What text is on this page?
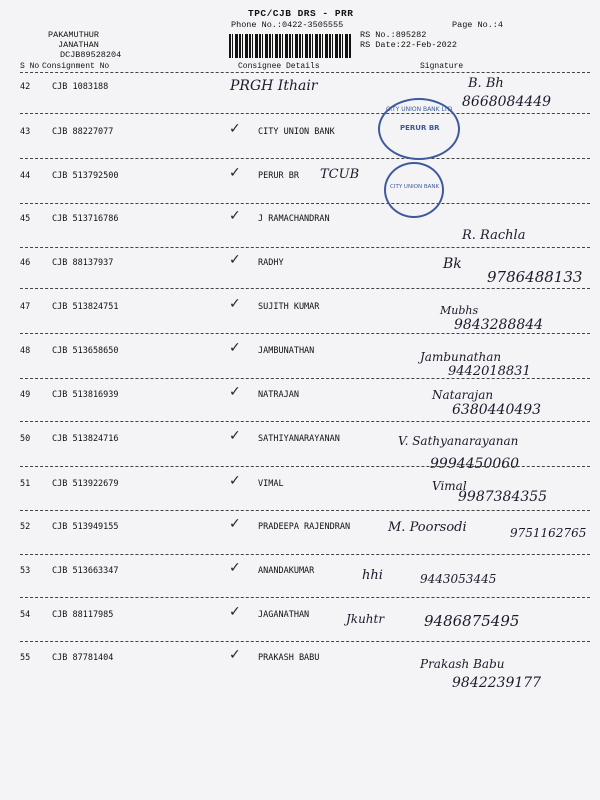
TPC/CJB DRS - PRR
Phone No.:0422-3505555	Page No.:4
RS No.:895282
RS Date:22-Feb-2022
PAKAMUTHUR
JANATHAN
DCJB89528204
S No Consignment No	Consignee Details	Signature
42	CJB 1083188	PRGH Ithair	B. Bh
8668084449
43	CJB 88227077	✓ CITY UNION BANK
44	CJB 513792500	✓ PERUR BR TCUB
45	CJB 513716786	✓ J RAMACHANDRAN
R. Rachla
46	CJB 88137937	✓ RADHY	Bk
9786488133
47	CJB 513824751	✓ SUJITH KUMAR	Mubhs
9843288844
48	CJB 513658650	✓ JAMBUNATHAN	Jambunathan
9442018831
49	CJB 513816939	✓ NATRAJAN	Natarajan
6380440493
50	CJB 513824716	✓ SATHIYANARAYANAN	V. Sathyanarayanan
9994450060
51	CJB 513922679	✓ VIMAL	Vimal
9987384355
52	CJB 513949155	✓ PRADEEPA RAJENDRAN	M. Poorsodi	9751162765
53	CJB 513663347	✓ ANANDAKUMAR	hhi	9443053445
54	CJB 88117985	✓ JAGANATHAN	Jkuhtr	9486875495
55	CJB 87781404	✓ PRAKASH BABU	Prakash Babu
9842239177
CITY UNION BANK LTD
PERUR BR
CITY UNION BANK
